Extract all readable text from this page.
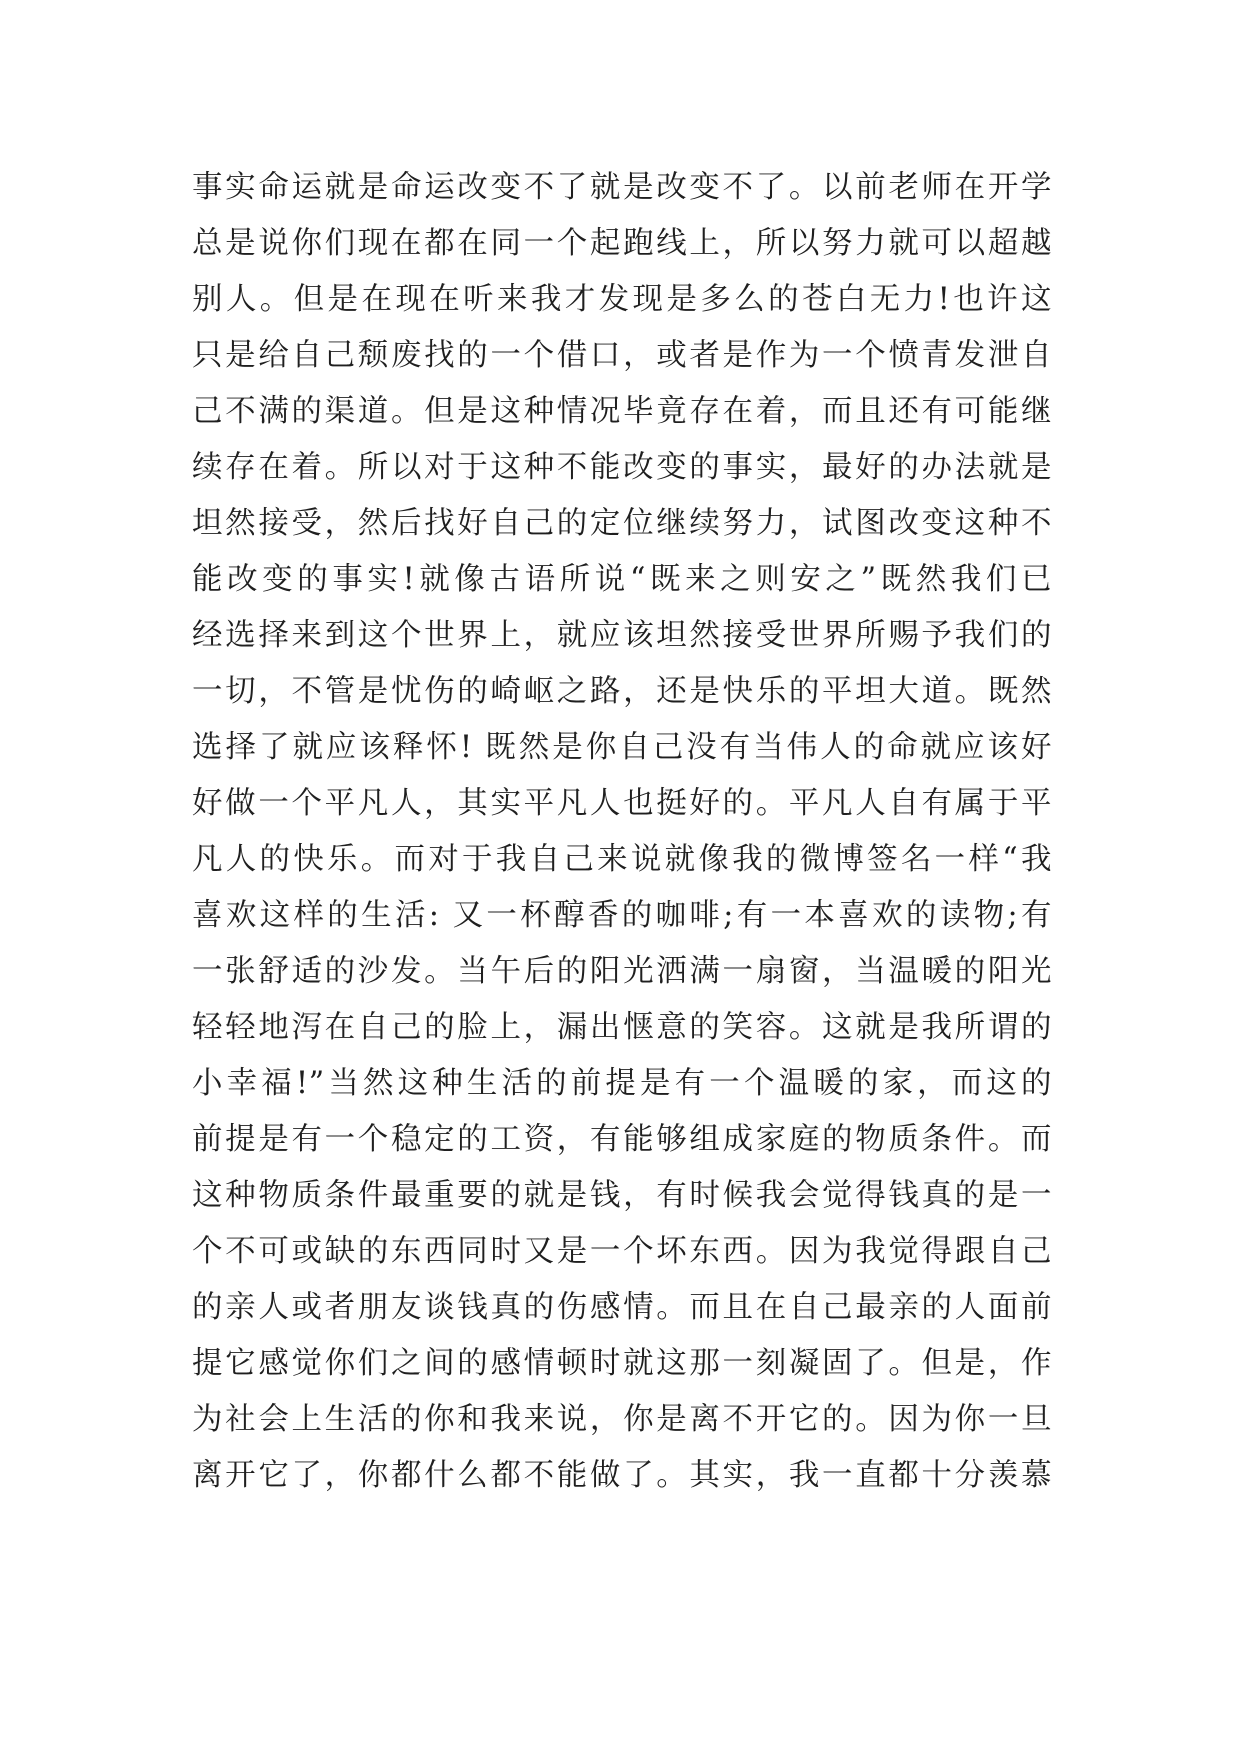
事实命运就是命运改变不了就是改变不了。以前老师在开学
总是说你们现在都在同一个起跑线上，所以努力就可以超越
别人。但是在现在听来我才发现是多么的苍白无力!也许这
只是给自己颓废找的一个借口，或者是作为一个愤青发泄自
己不满的渠道。但是这种情况毕竟存在着，而且还有可能继
续存在着。所以对于这种不能改变的事实，最好的办法就是
坦然接受，然后找好自己的定位继续努力，试图改变这种不
能改变的事实!就像古语所说“既来之则安之”既然我们已
经选择来到这个世界上，就应该坦然接受世界所赐予我们的
一切，不管是忧伤的崎岖之路，还是快乐的平坦大道。既然
选择了就应该释怀! 既然是你自己没有当伟人的命就应该好
好做一个平凡人，其实平凡人也挺好的。平凡人自有属于平
凡人的快乐。而对于我自己来说就像我的微博签名一样“我
喜欢这样的生活: 又一杯醇香的咖啡;有一本喜欢的读物;有
一张舒适的沙发。当午后的阳光洒满一扇窗，当温暖的阳光
轻轻地泻在自己的脸上，漏出惬意的笑容。这就是我所谓的
小幸福!”当然这种生活的前提是有一个温暖的家，而这的
前提是有一个稳定的工资，有能够组成家庭的物质条件。而
这种物质条件最重要的就是钱，有时候我会觉得钱真的是一
个不可或缺的东西同时又是一个坏东西。因为我觉得跟自己
的亲人或者朋友谈钱真的伤感情。而且在自己最亲的人面前
提它感觉你们之间的感情顿时就这那一刻凝固了。但是，作
为社会上生活的你和我来说，你是离不开它的。因为你一旦
离开它了，你都什么都不能做了。其实，我一直都十分羡慕
